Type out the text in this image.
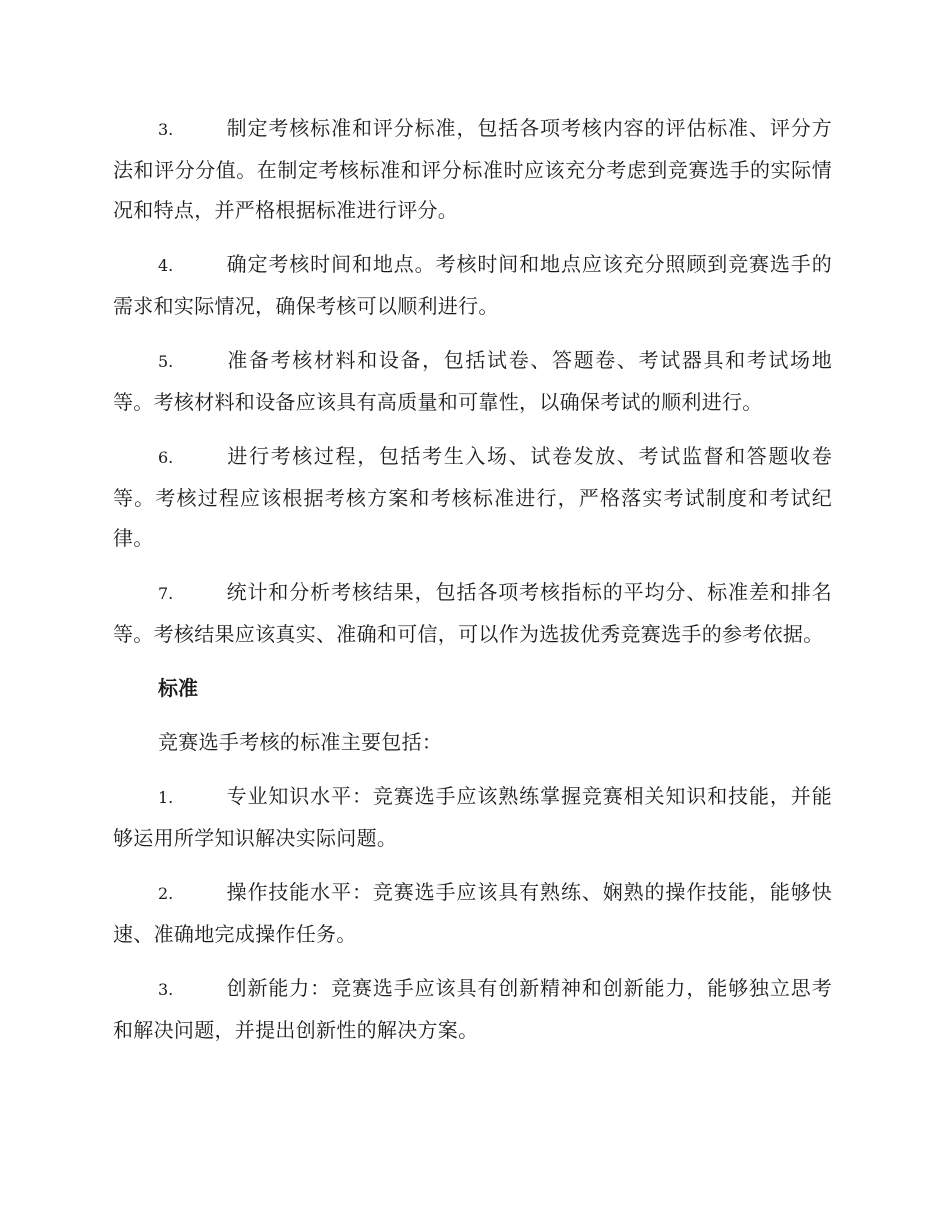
3.	制定考核标准和评分标准，包括各项考核内容的评估标准、评分方法和评分分值。在制定考核标准和评分标准时应该充分考虑到竞赛选手的实际情况和特点，并严格根据标准进行评分。

4.	确定考核时间和地点。考核时间和地点应该充分照顾到竞赛选手的需求和实际情况，确保考核可以顺利进行。

5.	准备考核材料和设备，包括试卷、答题卷、考试器具和考试场地等。考核材料和设备应该具有高质量和可靠性，以确保考试的顺利进行。

6.	进行考核过程，包括考生入场、试卷发放、考试监督和答题收卷等。考核过程应该根据考核方案和考核标准进行，严格落实考试制度和考试纪律。

7.	统计和分析考核结果，包括各项考核指标的平均分、标准差和排名等。考核结果应该真实、准确和可信，可以作为选拔优秀竞赛选手的参考依据。

标准

竞赛选手考核的标准主要包括：

1.	专业知识水平：竞赛选手应该熟练掌握竞赛相关知识和技能，并能够运用所学知识解决实际问题。

2.	操作技能水平：竞赛选手应该具有熟练、娴熟的操作技能，能够快速、准确地完成操作任务。

3.	创新能力：竞赛选手应该具有创新精神和创新能力，能够独立思考和解决问题，并提出创新性的解决方案。
